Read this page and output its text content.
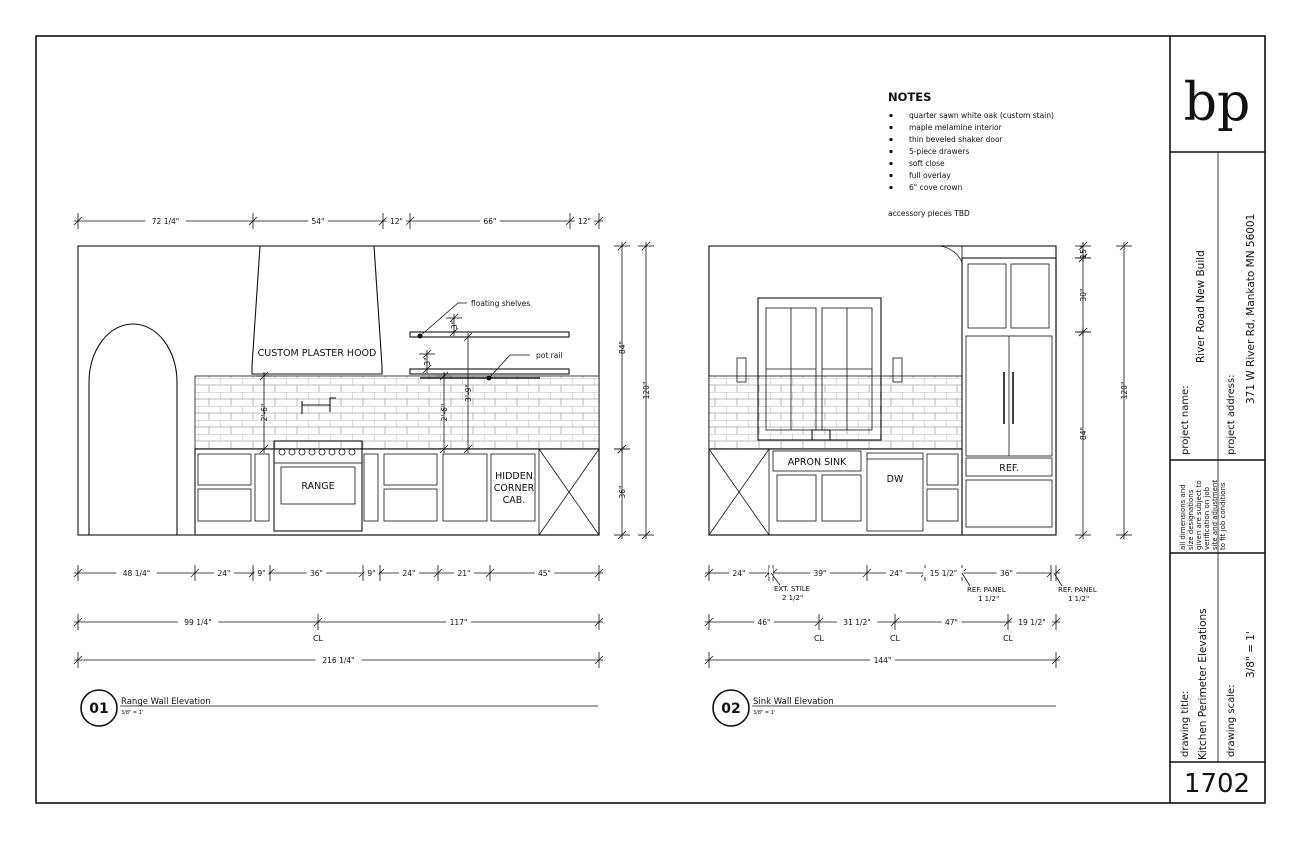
NOTES
quarter sawn white oak (custom stain)
maple melamine interior
thin beveled shaker door
5-piece drawers
soft close
full overlay
6" cove crown
accessory pieces TBD
CUSTOM PLASTER HOOD
floating shelves
pot rail
RANGE
HIDDEN
CORNER
CAB.
APRON SINK
DW
REF.
72 1/4"	54"	12"	66"	12"
48 1/4"	24"	9"	36"	9"	24"	21"	45"
99 1/4"	117"
216 1/4"
84"
120"
36"
2'-6"	2'-6"
3'-9"
3"
3"
CL
24"	39"	24"	15 1/2"	36"
46"	31 1/2"	47"	19 1/2"
144"
15"
30"
84"
120"
CL	CL	CL
EXT. STILE
2 1/2"
REF. PANEL
1 1/2"
REF. PANEL
1 1/2"
01 Range Wall Elevation
3/8" = 1'	02 Sink Wall Elevation
3/8" = 1'
bp
project name:
River Road New Build
project address:
371 W River Rd, Mankato MN 56001
all dimensions and size designations given are subject to verification on job site and adjustment to fit job conditions
drawing title: Kitchen Perimeter Elevations drawing scale:
3/8" = 1'
1702
